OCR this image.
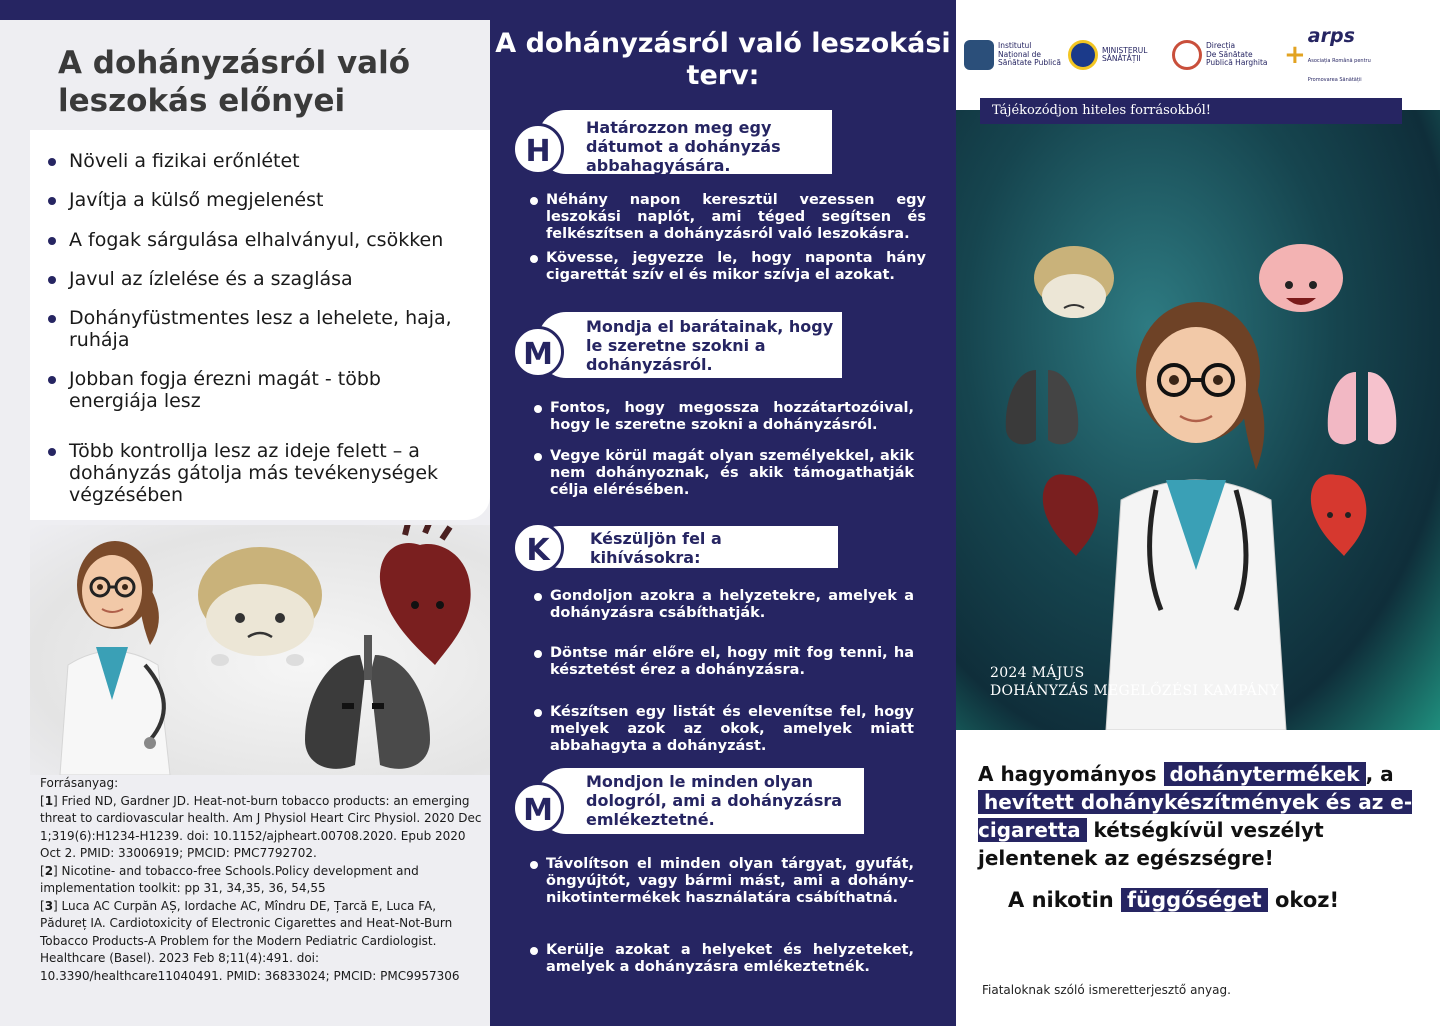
A dohányzásról való leszokás előnyei
Növeli a fizikai erőnlétet
Javítja a külső megjelenést
A fogak sárgulása elhalványul, csökken
Javul az ízlelése és a szaglása
Dohányfüstmentes lesz a lehelete, haja, ruhája
Jobban fogja érezni magát - több energiája lesz
Több kontrollja lesz az ideje felett – a dohányzás gátolja más tevékenységek végzésében
Forrásanyag:
[1] Fried ND, Gardner JD. Heat-not-burn tobacco products: an emerging threat to cardiovascular health. Am J Physiol Heart Circ Physiol. 2020 Dec 1;319(6):H1234-H1239. doi: 10.1152/ajpheart.00708.2020. Epub 2020 Oct 2. PMID: 33006919; PMCID: PMC7792702.
[2] Nicotine- and tobacco-free Schools.Policy development and implementation toolkit: pp 31, 34,35, 36, 54,55
[3] Luca AC Curpăn AȘ, Iordache AC, Mîndru DE, Țarcă E, Luca FA, Pădureț IA. Cardiotoxicity of Electronic Cigarettes and Heat-Not-Burn Tobacco Products-A Problem for the Modern Pediatric Cardiologist. Healthcare (Basel). 2023 Feb 8;11(4):491. doi: 10.3390/healthcare11040491. PMID: 36833024; PMCID: PMC9957306
A dohányzásról való leszokási terv:
Határozzon meg egy dátumot a dohányzás abbahagyására.
H
Néhány napon keresztül vezessen egy leszokási naplót, ami téged segítsen és felkészítsen a dohányzásról való leszokásra.
Kövesse, jegyezze le, hogy naponta hány cigarettát szív el és mikor szívja el azokat.
Mondja el barátainak, hogy le szeretne szokni a dohányzásról.
M
Fontos, hogy megossza hozzátartozóival, hogy le szeretne szokni a dohányzásról.
Vegye körül magát olyan személyekkel, akik nem dohányoznak, és akik támogathatják célja elérésében.
Készüljön fel a kihívásokra:
K
Gondoljon azokra a helyzetekre, amelyek a dohányzásra csábíthatják.
Döntse már előre el, hogy mit fog tenni, ha késztetést érez a dohányzásra.
Készítsen egy listát és elevenítse fel, hogy melyek azok az okok, amelyek miatt abbahagyta a dohányzást.
Mondjon le minden olyan dologról, ami a dohányzásra emlékeztetné.
M
Távolítson el minden olyan tárgyat, gyufát, öngyújtót, vagy bármi mást, ami a dohány-nikotintermékek használatára csábíthatná.
Kerülje azokat a helyeket és helyzeteket, amelyek a dohányzásra emlékeztetnék.
Institutul
Național de
Sănătate Publică
MINISTERUL
SĂNĂTĂȚII
Direcția
De Sănătate
Publică Harghita +
arps
Asociația Română pentru
Promovarea Sănătății
2024 MÁJUS
DOHÁNYZÁS MEGELŐZÉSI KAMPÁNY
Tájékozódjon hiteles forrásokból!

A hagyományos dohánytermékek , a hevített dohánykészítmények és az e-cigaretta kétségkívül veszélyt jelentenek az egészségre!

A nikotin függőséget okoz!

Fiataloknak szóló ismeretterjesztő anyag.
